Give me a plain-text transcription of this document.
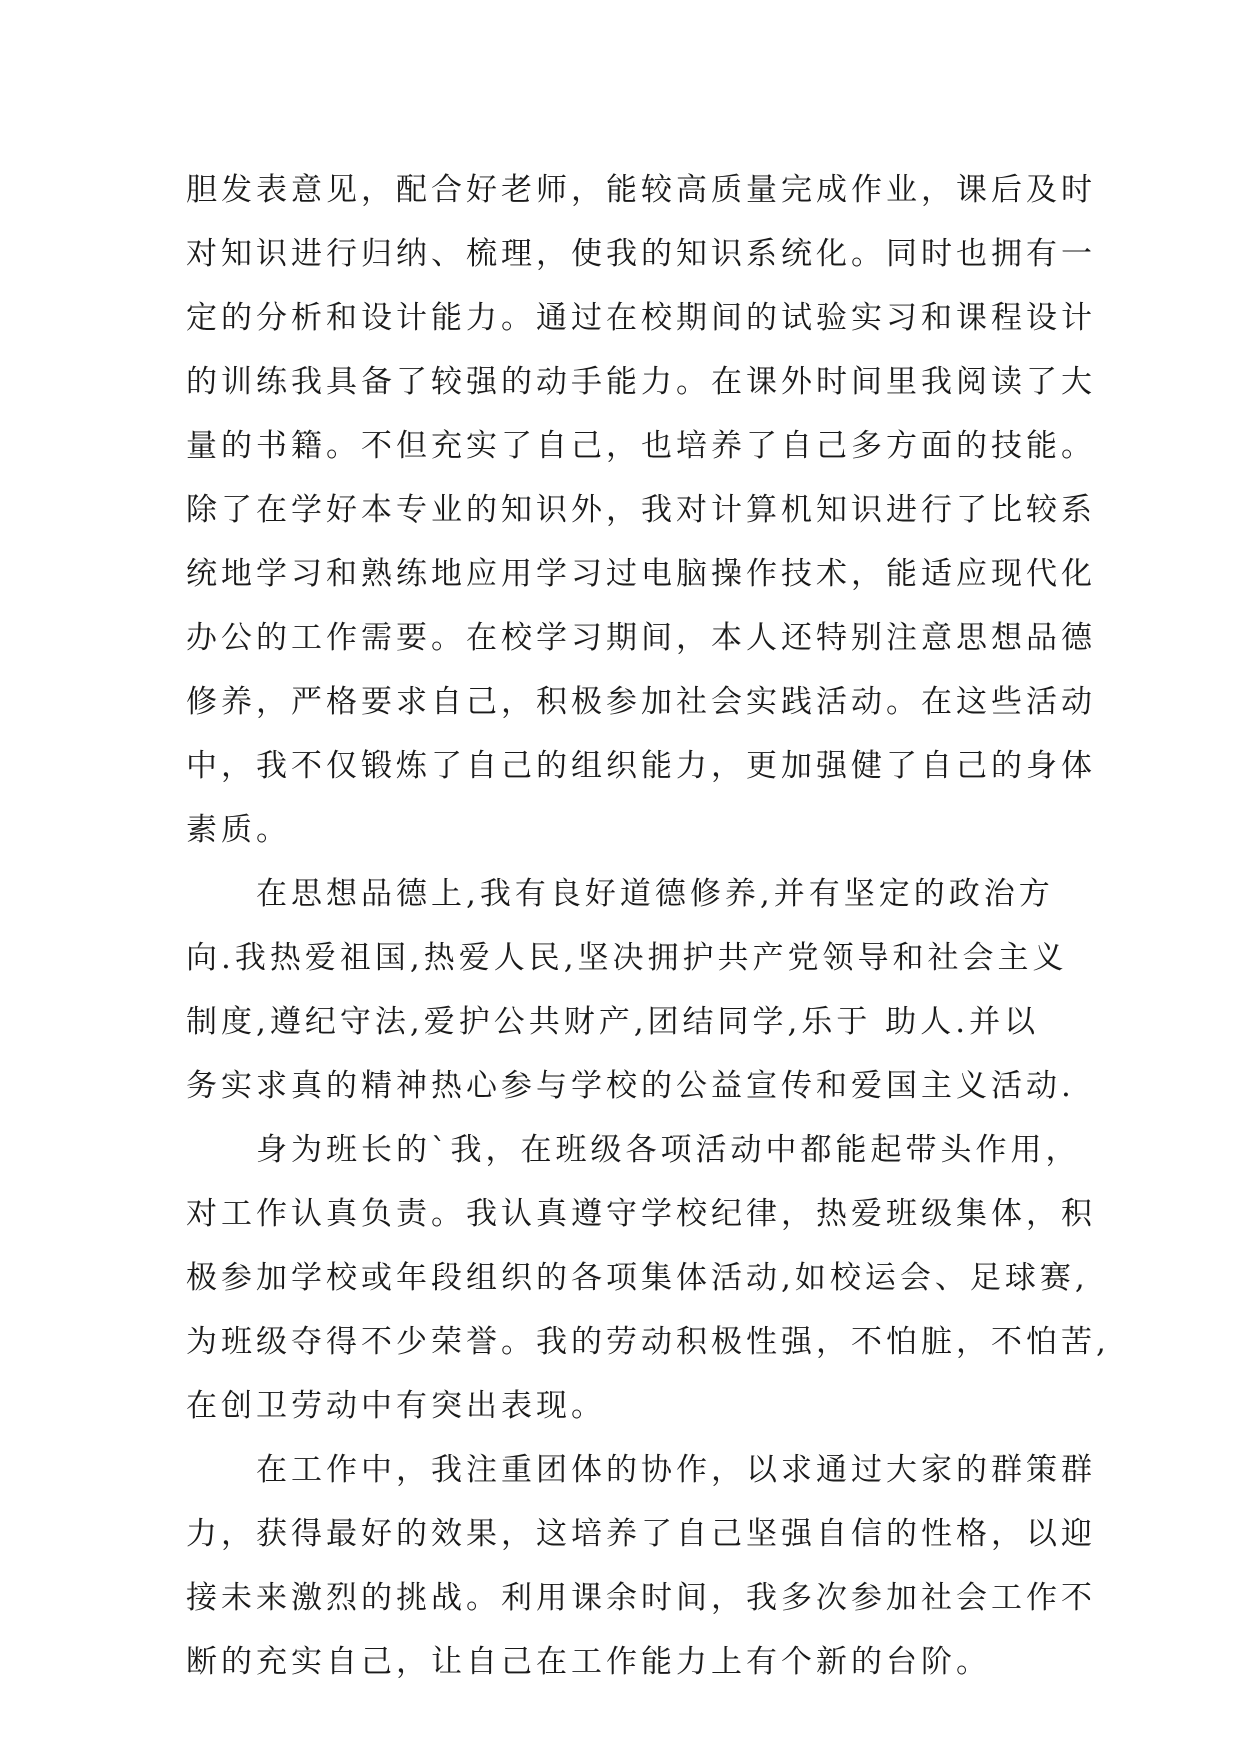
胆发表意见，配合好老师，能较高质量完成作业，课后及时
对知识进行归纳、梳理，使我的知识系统化。同时也拥有一
定的分析和设计能力。通过在校期间的试验实习和课程设计
的训练我具备了较强的动手能力。在课外时间里我阅读了大
量的书籍。不但充实了自己，也培养了自己多方面的技能。
除了在学好本专业的知识外，我对计算机知识进行了比较系
统地学习和熟练地应用学习过电脑操作技术，能适应现代化
办公的工作需要。在校学习期间，本人还特别注意思想品德
修养，严格要求自己，积极参加社会实践活动。在这些活动
中，我不仅锻炼了自己的组织能力，更加强健了自己的身体
素质。
　　在思想品德上,我有良好道德修养,并有坚定的政治方
向.我热爱祖国,热爱人民,坚决拥护共产党领导和社会主义
制度,遵纪守法,爱护公共财产,团结同学,乐于 助人.并以
务实求真的精神热心参与学校的公益宣传和爱国主义活动.
　　身为班长的`我，在班级各项活动中都能起带头作用，
对工作认真负责。我认真遵守学校纪律，热爱班级集体，积
极参加学校或年段组织的各项集体活动,如校运会、足球赛,
为班级夺得不少荣誉。我的劳动积极性强，不怕脏，不怕苦,
在创卫劳动中有突出表现。
　　在工作中，我注重团体的协作，以求通过大家的群策群
力，获得最好的效果，这培养了自己坚强自信的性格，以迎
接未来激烈的挑战。利用课余时间，我多次参加社会工作不
断的充实自己，让自己在工作能力上有个新的台阶。
